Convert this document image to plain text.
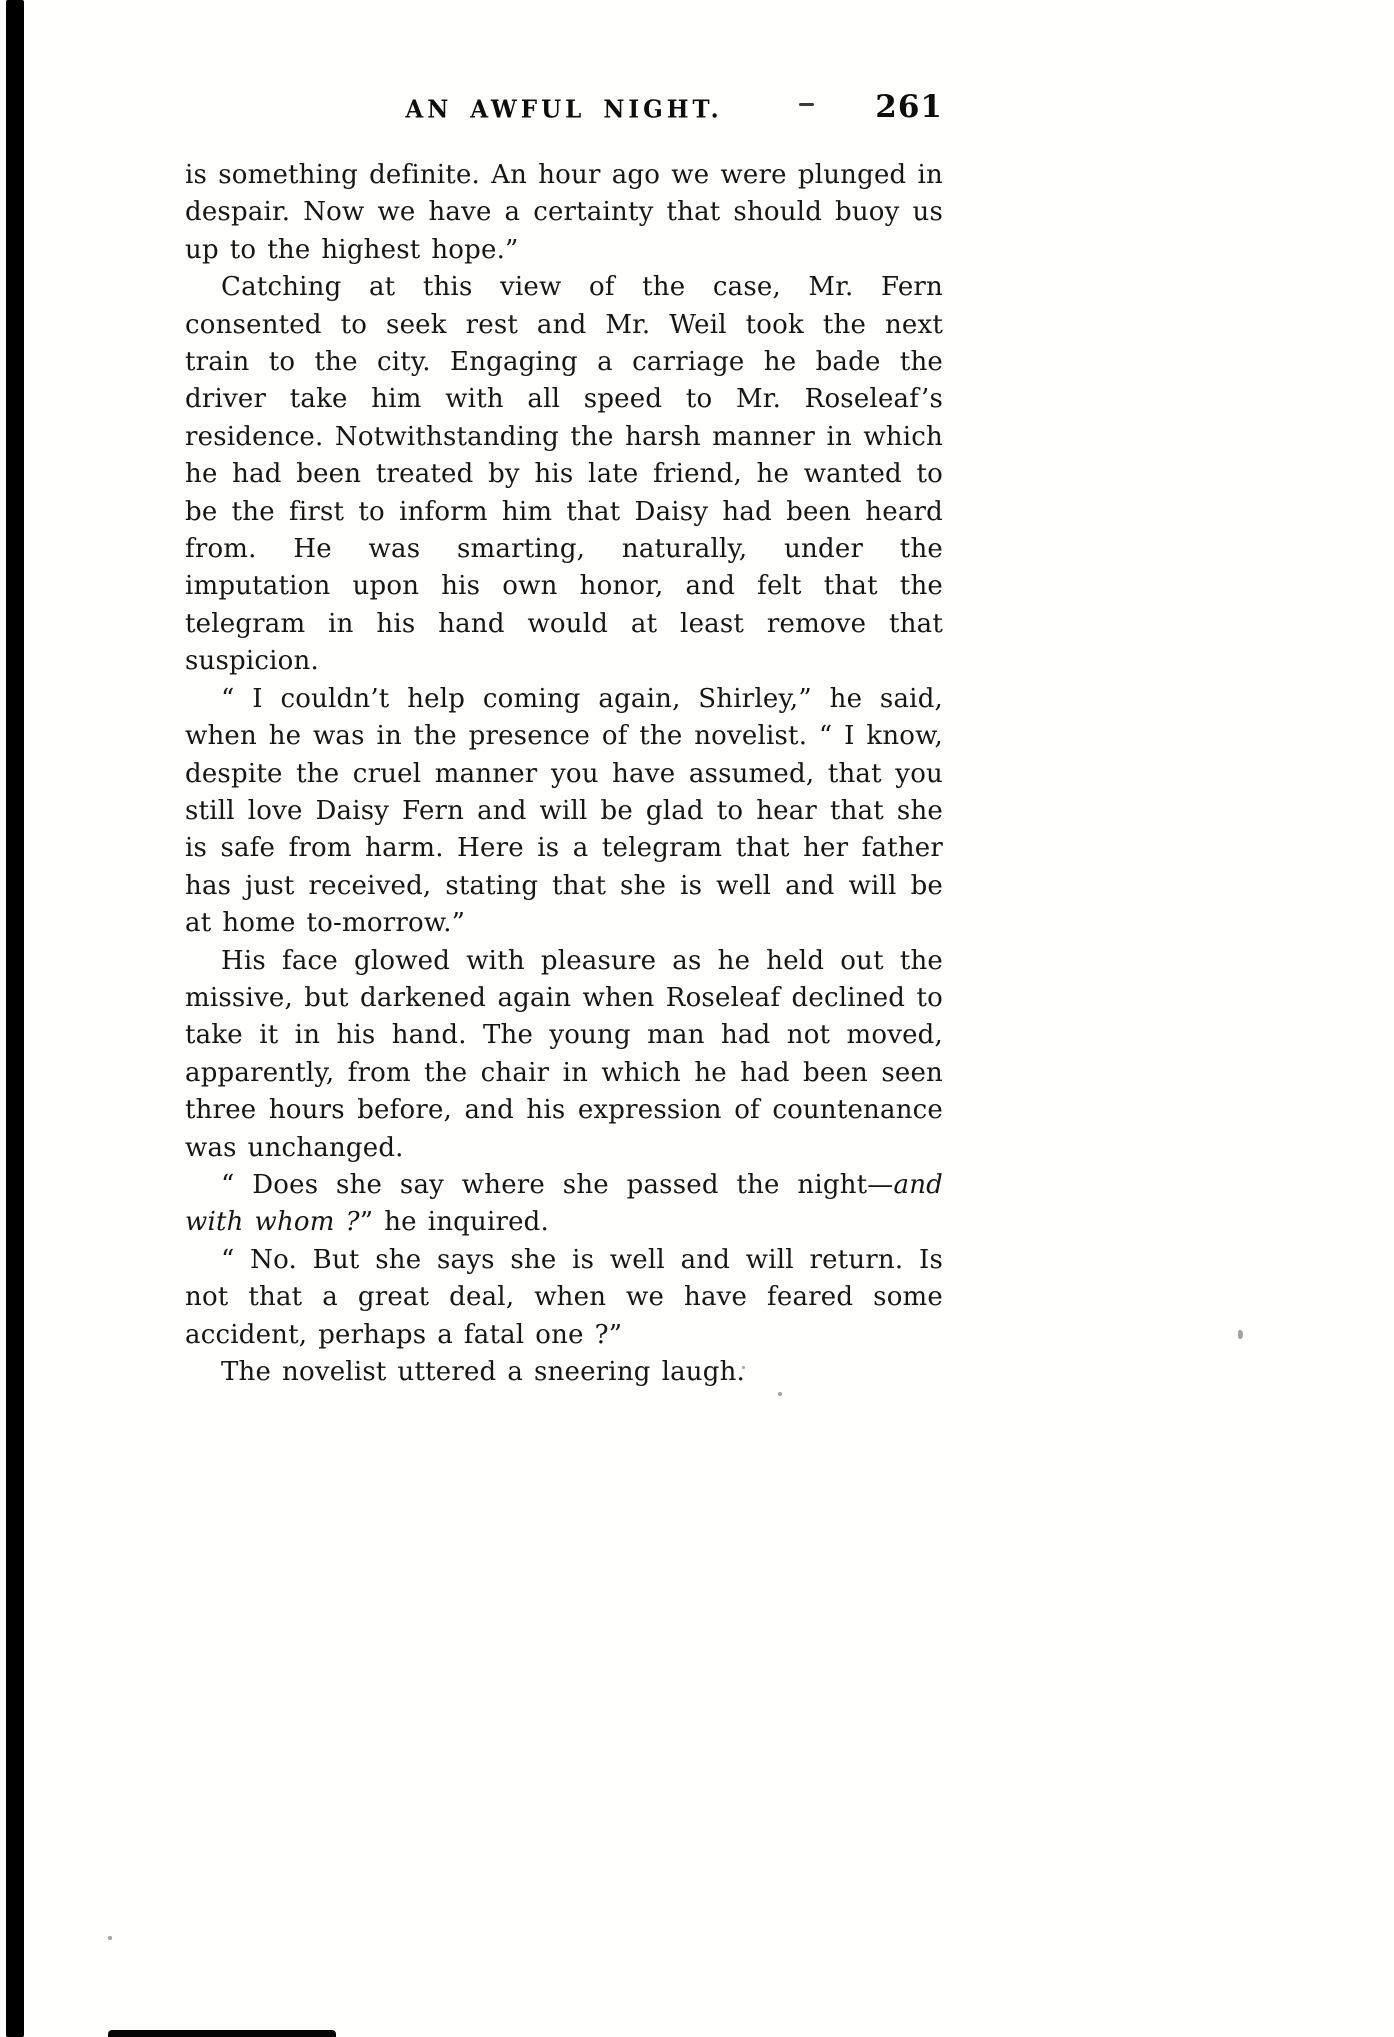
AN AWFUL NIGHT.	261

is something definite. An hour ago we were plunged in despair. Now we have a certainty that should buoy us up to the highest hope.”

Catching at this view of the case, Mr. Fern consented to seek rest and Mr. Weil took the next train to the city. Engaging a carriage he bade the driver take him with all speed to Mr. Roseleaf’s residence. Notwithstanding the harsh manner in which he had been treated by his late friend, he wanted to be the first to inform him that Daisy had been heard from. He was smarting, naturally, under the imputation upon his own honor, and felt that the telegram in his hand would at least remove that suspicion.

“ I couldn’t help coming again, Shirley,” he said, when he was in the presence of the novelist. “ I know, despite the cruel manner you have assumed, that you still love Daisy Fern and will be glad to hear that she is safe from harm. Here is a telegram that her father has just received, stating that she is well and will be at home to-morrow.”

His face glowed with pleasure as he held out the missive, but darkened again when Roseleaf declined to take it in his hand. The young man had not moved, apparently, from the chair in which he had been seen three hours before, and his expression of countenance was unchanged.

“ Does she say where she passed the night—and with whom ?” he inquired.

“ No. But she says she is well and will return. Is not that a great deal, when we have feared some accident, perhaps a fatal one ?”

The novelist uttered a sneering laugh.
